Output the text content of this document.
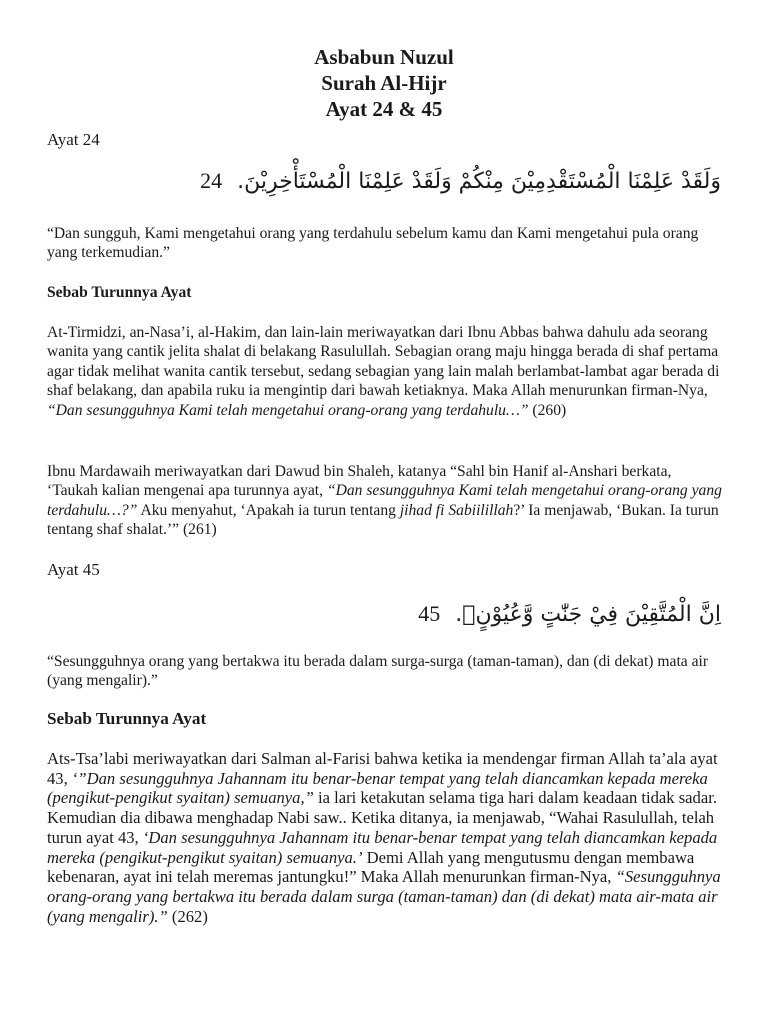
Asbabun Nuzul
Surah Al-Hijr
Ayat 24 & 45
Ayat 24
24 وَلَقَدْ عَلِمْنَا الْمُسْتَقْدِمِيْنَ مِنْكُمْ وَلَقَدْ عَلِمْنَا الْمُسْتَأْخِرِيْنَ.
“Dan sungguh, Kami mengetahui orang yang terdahulu sebelum kamu dan Kami mengetahui pula orang yang terkemudian.”
Sebab Turunnya Ayat
At-Tirmidzi, an-Nasa’i, al-Hakim, dan lain-lain meriwayatkan dari Ibnu Abbas bahwa dahulu ada seorang wanita yang cantik jelita shalat di belakang Rasulullah. Sebagian orang maju hingga berada di shaf pertama agar tidak melihat wanita cantik tersebut, sedang sebagian yang lain malah berlambat-lambat agar berada di shaf belakang, dan apabila ruku ia mengintip dari bawah ketiaknya. Maka Allah menurunkan firman-Nya, “Dan sesungguhnya Kami telah mengetahui orang-orang yang terdahulu…” (260)
Ibnu Mardawaih meriwayatkan dari Dawud bin Shaleh, katanya “Sahl bin Hanif al-Anshari berkata, ‘Taukah kalian mengenai apa turunnya ayat, “Dan sesungguhnya Kami telah mengetahui orang-orang yang terdahulu…?” Aku menyahut, ‘Apakah ia turun tentang jihad fi Sabiilillah?’ Ia menjawab, ‘Bukan. Ia turun tentang shaf shalat.’” (261)
Ayat 45
45 اِنَّ الْمُتَّقِيْنَ فِيْ جَنّٰتٍ وَّعُيُوْنٍۗ.
“Sesungguhnya orang yang bertakwa itu berada dalam surga-surga (taman-taman), dan (di dekat) mata air (yang mengalir).”
Sebab Turunnya Ayat
Ats-Tsa’labi meriwayatkan dari Salman al-Farisi bahwa ketika ia mendengar firman Allah ta’ala ayat 43, ‘”Dan sesungguhnya Jahannam itu benar-benar tempat yang telah diancamkan kepada mereka (pengikut-pengikut syaitan) semuanya,” ia lari ketakutan selama tiga hari dalam keadaan tidak sadar. Kemudian dia dibawa menghadap Nabi saw.. Ketika ditanya, ia menjawab, “Wahai Rasulullah, telah turun ayat 43, ‘Dan sesungguhnya Jahannam itu benar-benar tempat yang telah diancamkan kepada mereka (pengikut-pengikut syaitan) semuanya.’ Demi Allah yang mengutusmu dengan membawa kebenaran, ayat ini telah meremas jantungku!” Maka Allah menurunkan firman-Nya, “Sesungguhnya orang-orang yang bertakwa itu berada dalam surga (taman-taman) dan (di dekat) mata air-mata air (yang mengalir).” (262)
